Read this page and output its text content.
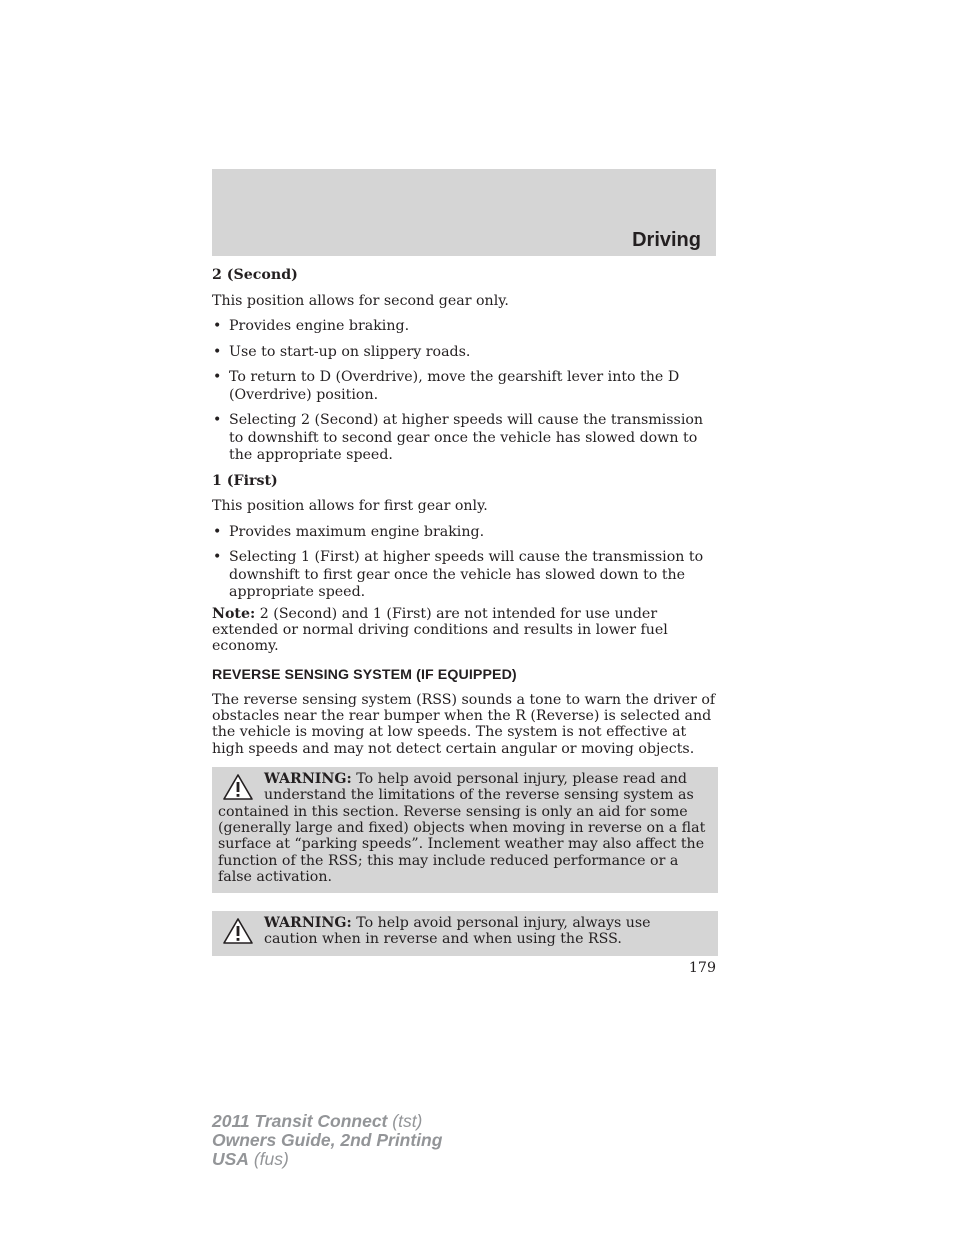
Driving
2 (Second)
This position allows for second gear only.
• Provides engine braking.
• Use to start-up on slippery roads.
• To return to D (Overdrive), move the gearshift lever into the D (Overdrive) position.
• Selecting 2 (Second) at higher speeds will cause the transmission to downshift to second gear once the vehicle has slowed down to the appropriate speed.
1 (First)
This position allows for first gear only.
• Provides maximum engine braking.
• Selecting 1 (First) at higher speeds will cause the transmission to downshift to first gear once the vehicle has slowed down to the appropriate speed.
Note: 2 (Second) and 1 (First) are not intended for use under extended or normal driving conditions and results in lower fuel economy.
REVERSE SENSING SYSTEM (IF EQUIPPED)
The reverse sensing system (RSS) sounds a tone to warn the driver of obstacles near the rear bumper when the R (Reverse) is selected and the vehicle is moving at low speeds. The system is not effective at high speeds and may not detect certain angular or moving objects.
WARNING: To help avoid personal injury, please read and understand the limitations of the reverse sensing system as contained in this section. Reverse sensing is only an aid for some (generally large and fixed) objects when moving in reverse on a flat surface at “parking speeds”. Inclement weather may also affect the function of the RSS; this may include reduced performance or a false activation.
WARNING: To help avoid personal injury, always use caution when in reverse and when using the RSS.
179
2011 Transit Connect (tst)
Owners Guide, 2nd Printing
USA (fus)
